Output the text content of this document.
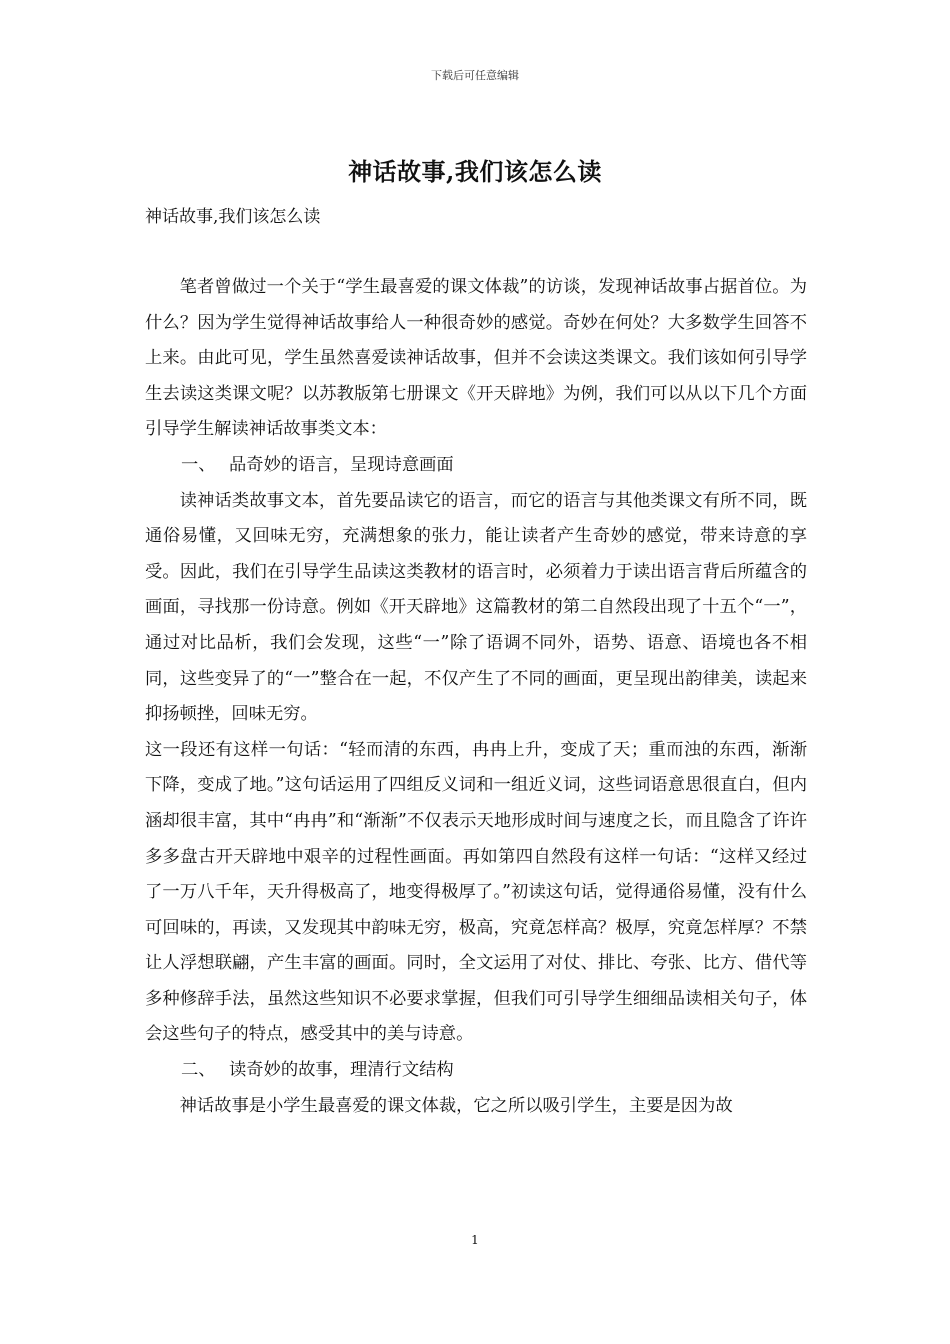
下载后可任意编辑
神话故事,我们该怎么读
神话故事,我们该怎么读

笔者曾做过一个关于“学生最喜爱的课文体裁”的访谈，发现神话故事占据首位。为什么？因为学生觉得神话故事给人一种很奇妙的感觉。奇妙在何处？大多数学生回答不上来。由此可见，学生虽然喜爱读神话故事，但并不会读这类课文。我们该如何引导学生去读这类课文呢？以苏教版第七册课文《开天辟地》为例，我们可以从以下几个方面引导学生解读神话故事类文本：

一、 品奇妙的语言，呈现诗意画面

读神话类故事文本，首先要品读它的语言，而它的语言与其他类课文有所不同，既通俗易懂，又回味无穷，充满想象的张力，能让读者产生奇妙的感觉，带来诗意的享受。因此，我们在引导学生品读这类教材的语言时，必须着力于读出语言背后所蕴含的画面，寻找那一份诗意。例如《开天辟地》这篇教材的第二自然段出现了十五个“一”，通过对比品析，我们会发现，这些“一”除了语调不同外，语势、语意、语境也各不相同，这些变异了的“一”整合在一起，不仅产生了不同的画面，更呈现出韵律美，读起来抑扬顿挫，回味无穷。

这一段还有这样一句话：“轻而清的东西，冉冉上升，变成了天；重而浊的东西，渐渐下降，变成了地。”这句话运用了四组反义词和一组近义词，这些词语意思很直白，但内涵却很丰富，其中“冉冉”和“渐渐”不仅表示天地形成时间与速度之长，而且隐含了许许多多盘古开天辟地中艰辛的过程性画面。再如第四自然段有这样一句话：“这样又经过了一万八千年，天升得极高了，地变得极厚了。”初读这句话，觉得通俗易懂，没有什么可回味的，再读，又发现其中韵味无穷，极高，究竟怎样高？极厚，究竟怎样厚？不禁让人浮想联翩，产生丰富的画面。同时，全文运用了对仗、排比、夸张、比方、借代等多种修辞手法，虽然这些知识不必要求掌握，但我们可引导学生细细品读相关句子，体会这些句子的特点，感受其中的美与诗意。

二、 读奇妙的故事，理清行文结构

神话故事是小学生最喜爱的课文体裁，它之所以吸引学生，主要是因为故

1
